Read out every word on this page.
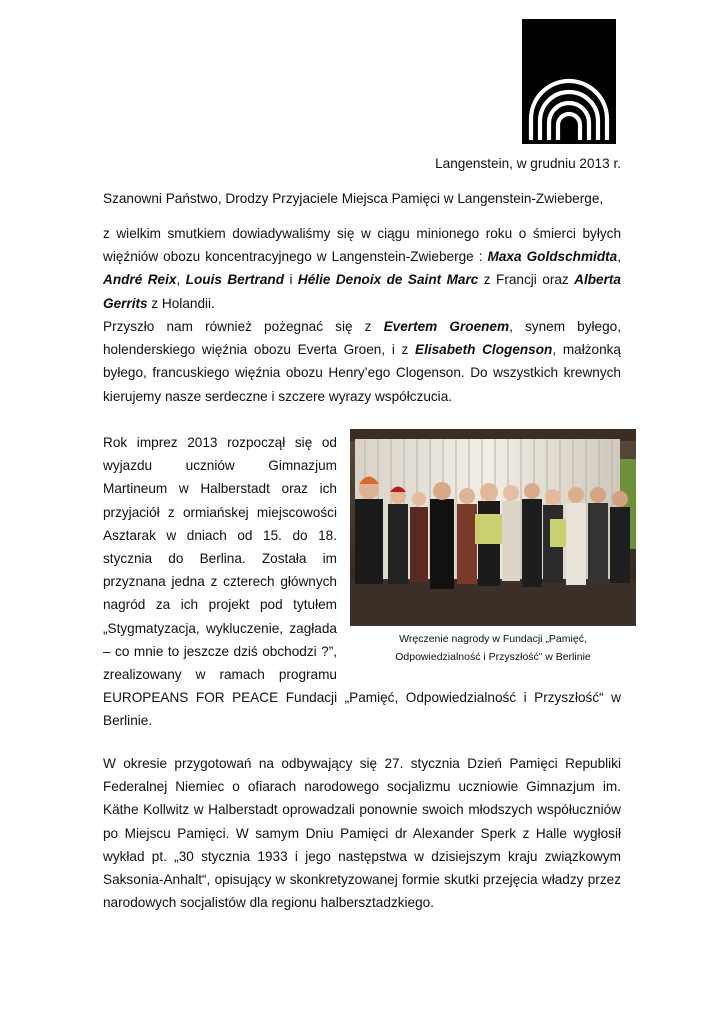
Langenstein, w grudniu 2013 r.
Szanowni Państwo, Drodzy Przyjaciele Miejsca Pamięci w Langenstein-Zwieberge,
z wielkim smutkiem dowiadywaliśmy się w ciągu minionego roku o śmierci byłych więźniów obozu koncentracyjnego w Langenstein-Zwieberge : Maxa Goldschmidta, André Reix, Louis Bertrand i Hélie Denoix de Saint Marc z Francji oraz Alberta Gerrits z Holandii.
Przyszło nam również pożegnać się z Evertem Groenem, synem byłego, holenderskiego więźnia obozu Everta Groen, i z Elisabeth Clogenson, małżonką byłego, francuskiego więźnia obozu Henry’ego Clogenson. Do wszystkich krewnych kierujemy nasze serdeczne i szczere wyrazy współczucia.
Rok imprez 2013 rozpoczął się od
wyjazdu uczniów Gimnazjum
Martineum w Halberstadt oraz ich
przyjaciół z ormiańskej miejscowości
Asztarak w dniach od 15. do 18.
stycznia do Berlina. Została im
przyznana jedna z czterech głównych
nagród za ich projekt pod tytułem
„Stygmatyzacja, wykluczenie, zagłada
– co mnie to jeszcze dziś obchodzi ?”,
zrealizowany w ramach programu
EUROPEANS FOR PEACE Fundacji „Pamięć, Odpowiedzialność i Przyszłość“ w
Berlinie.
Wręczenie nagrody w Fundacji „Pamięć,
Odpowiedzialność i Przyszłość” w Berlinie
W okresie przygotowań na odbywający się 27. stycznia Dzień Pamięci Republiki Federalnej Niemiec o ofiarach narodowego socjalizmu uczniowie Gimnazjum im. Käthe Kollwitz w Halberstadt oprowadzali ponownie swoich młodszych współuczniów po Miejscu Pamięci. W samym Dniu Pamięci dr Alexander Sperk z Halle wygłosił wykład pt. „30 stycznia 1933 i jego następstwa w dzisiejszym kraju związkowym Saksonia-Anhalt“, opisujący w skonkretyzowanej formie skutki przejęcia władzy przez narodowych socjalistów dla regionu halbersztadzkiego.
